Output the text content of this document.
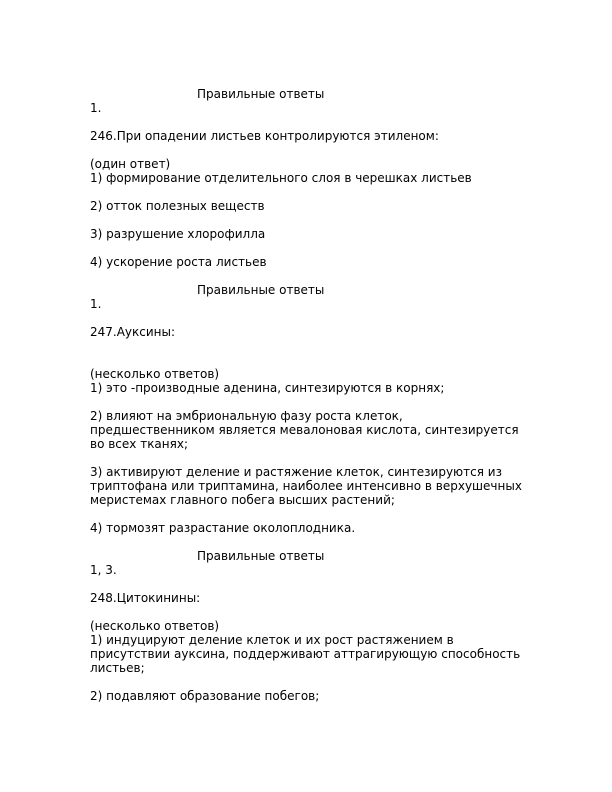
Правильные ответы
1.
246.При опадении листьев контролируются этиленом:
(один ответ)
1) формирование отделительного слоя в черешках листьев
2) отток полезных веществ
3) разрушение хлорофилла
4) ускорение роста листьев
Правильные ответы
1.
247.Ауксины:
(несколько ответов)
1) это -производные аденина, синтезируются в корнях;
2) влияют на эмбриональную фазу роста клеток,
предшественником является мевалоновая кислота, синтезируется
во всех тканях;
3) активируют деление и растяжение клеток, синтезируются из
триптофана или триптамина, наиболее интенсивно в верхушечных
меристемах главного побега высших растений;
4) тормозят разрастание околоплодника.
Правильные ответы
1, 3.
248.Цитокинины:
(несколько ответов)
1) индуцируют деление клеток и их рост растяжением в
присутствии ауксина, поддерживают аттрагирующую способность
листьев;
2) подавляют образование побегов;
